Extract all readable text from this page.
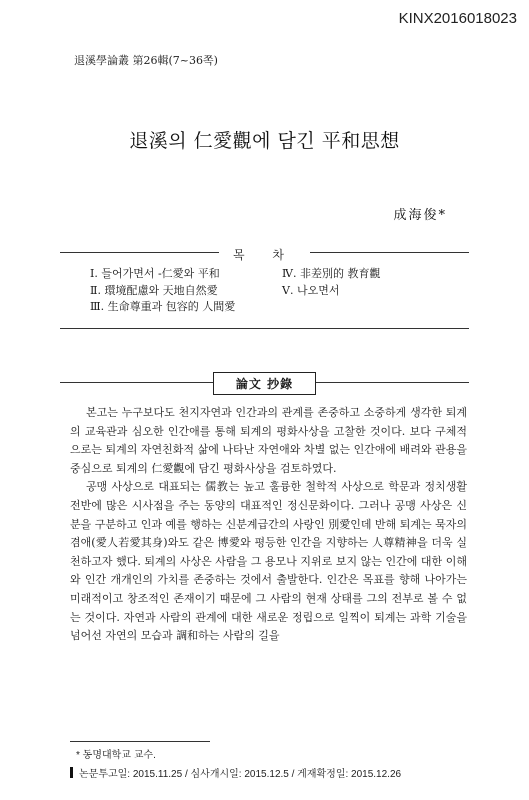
KINX2016018023
退溪學論叢 第26輯(7~36쪽)
退溪의 仁愛觀에 담긴 平和思想
成海俊*
목 차
Ⅰ. 들어가면서 -仁愛와 平和
Ⅱ. 環境配慮와 天地自然愛
Ⅲ. 生命尊重과 包容的 人間愛
Ⅳ. 非差別的 教育觀
Ⅴ. 나오면서
論文 抄錄

본고는 누구보다도 천지자연과 인간과의 관계를 존중하고 소중하게 생각한 퇴계의 교육관과 심오한 인간애를 통해 퇴계의 평화사상을 고찰한 것이다. 보다 구체적으로는 퇴계의 자연친화적 삶에 나타난 자연애와 차별 없는 인간애에 배려와 관용을 중심으로 퇴계의 仁愛觀에 담긴 평화사상을 검토하였다.

공맹 사상으로 대표되는 儒教는 높고 훌륭한 철학적 사상으로 학문과 정치생활 전반에 많은 시사점을 주는 동양의 대표적인 정신문화이다. 그러나 공맹 사상은 신분을 구분하고 인과 예를 행하는 신분계급간의 사랑인 別愛인데 반해 퇴계는 묵자의 겸애(愛人若愛其身)와도 같은 博愛와 평등한 인간을 지향하는 人尊精神을 더욱 실천하고자 했다. 퇴계의 사상은 사람을 그 용모나 지위로 보지 않는 인간에 대한 이해와 인간 개개인의 가치를 존중하는 것에서 출발한다. 인간은 목표를 향해 나아가는 미래적이고 창조적인 존재이기 때문에 그 사람의 현재 상태를 그의 전부로 볼 수 없는 것이다. 자연과 사람의 관계에 대한 새로운 정립으로 일찍이 퇴계는 과학 기술을 넘어선 자연의 모습과 調和하는 사람의 길을

* 동명대학교 교수.
논문투고일: 2015.11.25 / 심사개시일: 2015.12.5 / 게재확정일: 2015.12.26
